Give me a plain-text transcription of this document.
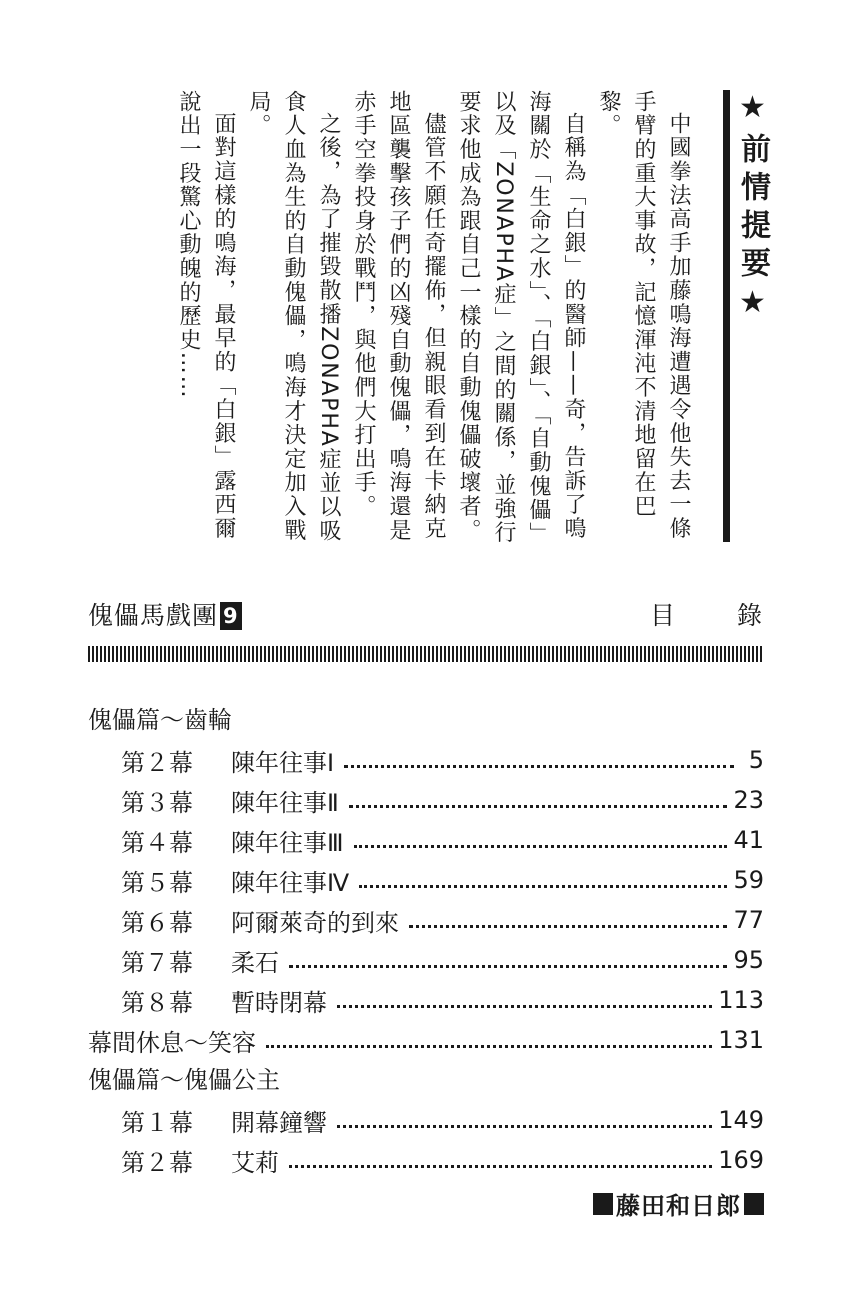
★前情提要★

中國拳法高手加藤鳴海遭遇令他失去一條手臂的重大事故，記憶渾沌不清地留在巴黎。

自稱為「白銀」的醫師——奇，告訴了鳴海關於「生命之水」、「白銀」、「自動傀儡」以及「ZONAPHA症」之間的關係，並強行要求他成為跟自己一樣的自動傀儡破壞者。

儘管不願任奇擺佈，但親眼看到在卡納克地區襲擊孩子們的凶殘自動傀儡，鳴海還是赤手空拳投身於戰鬥，與他們大打出手。

之後，為了摧毀散播ZONAPHA症並以吸食人血為生的自動傀儡，鳴海才決定加入戰局。

面對這樣的鳴海，最早的「白銀」露西爾說出一段驚心動魄的歷史……

傀儡馬戲團 9	目錄
傀儡篇～齒輪
第２幕	陳年往事Ⅰ	5
第３幕	陳年往事Ⅱ	23
第４幕	陳年往事Ⅲ	41
第５幕	陳年往事Ⅳ	59
第６幕	阿爾萊奇的到來	77
第７幕	柔石	95
第８幕	暫時閉幕	113
幕間休息～笑容	131
傀儡篇～傀儡公主
第１幕	開幕鐘響	149
第２幕	艾莉	169
藤田和日郎
